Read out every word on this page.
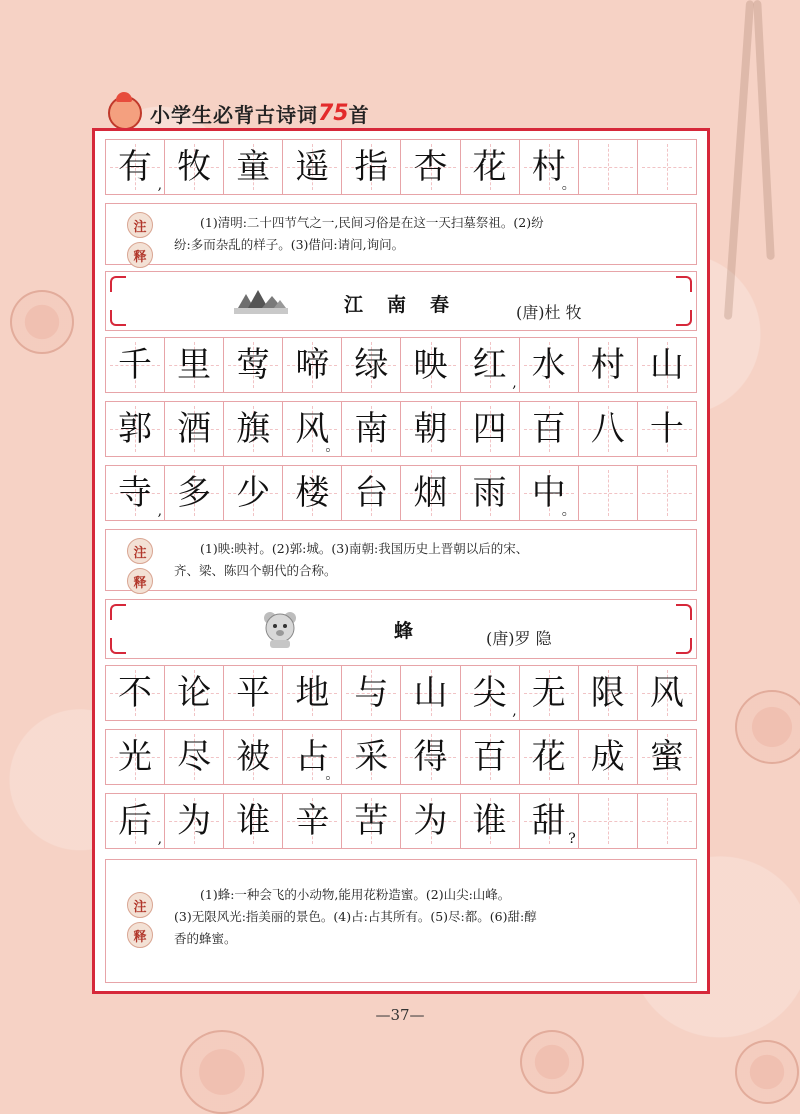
小学生必背古诗词 75 首
有 , 牧 童 遥 指 杏 花 村
。
注
释
(1)清明:二十四节气之一,民间习俗是在这一天扫墓祭祖。(2)纷
纷:多而杂乱的样子。(3)借问:请问,询问。
江南春	(唐)杜 牧
千 里 莺 啼 绿 映 红 , 水 村 山
郭 酒 旗 风
。 南 朝 四 百 八 十
寺 , 多 少 楼 台 烟 雨 中
。
注
释
(1)映:映衬。(2)郭:城。(3)南朝:我国历史上晋朝以后的宋、
齐、梁、陈四个朝代的合称。
蜂	(唐)罗 隐
不 论 平 地 与 山 尖 , 无 限 风
光 尽 被 占
。 采 得 百 花 成 蜜
后 , 为 谁 辛 苦 为 谁 甜 ?
注
释
(1)蜂:一种会飞的小动物,能用花粉造蜜。(2)山尖:山峰。
(3)无限风光:指美丽的景色。(4)占:占其所有。(5)尽:都。(6)甜:醇
香的蜂蜜。
—37—
